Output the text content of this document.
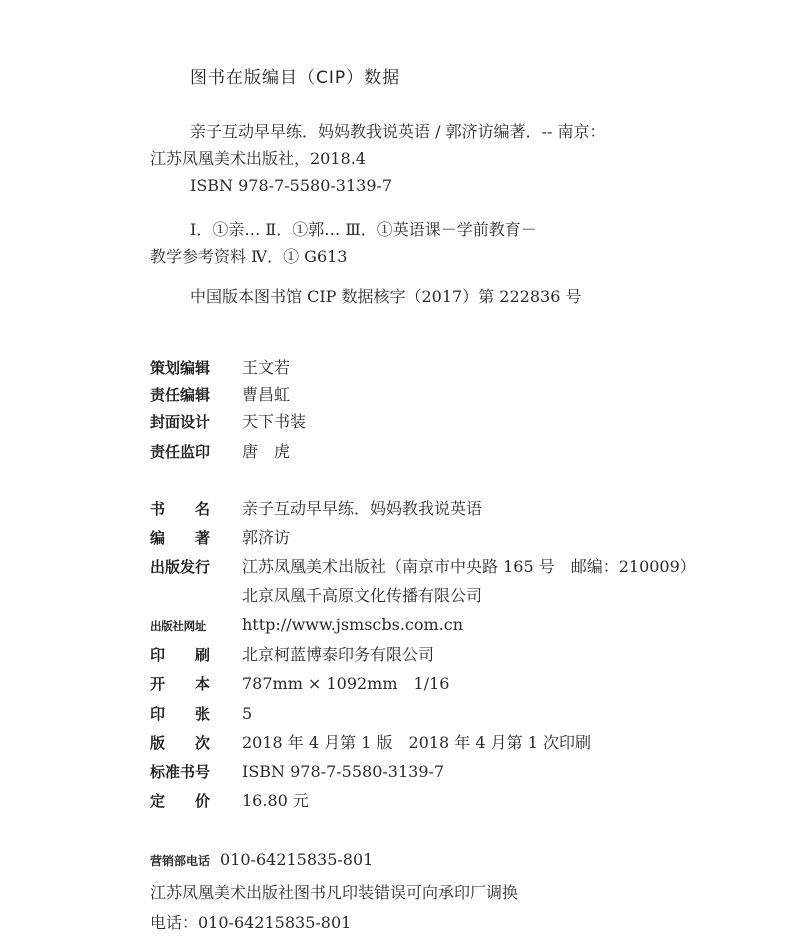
图书在版编目（CIP）数据
亲子互动早早练．妈妈教我说英语 / 郭济访编著．-- 南京：
江苏凤凰美术出版社，2018.4
ISBN 978-7-5580-3139-7
Ⅰ．①亲… Ⅱ．①郭… Ⅲ．①英语课－学前教育－
教学参考资料 Ⅳ．① G613
中国版本图书馆 CIP 数据核字（2017）第 222836 号
策划编辑 王文若
责任编辑 曹昌虹
封面设计 天下书装
责任监印 唐　虎
书名 亲子互动早早练．妈妈教我说英语
编著 郭济访
出版发行 江苏凤凰美术出版社（南京市中央路 165 号　邮编：210009）
北京凤凰千高原文化传播有限公司
出版社网址 http://www.jsmscbs.com.cn
印刷 北京柯蓝博泰印务有限公司
开本 787mm × 1092mm　1/16
印张 5
版次 2018 年 4 月第 1 版　2018 年 4 月第 1 次印刷
标准书号 ISBN 978-7-5580-3139-7
定价 16.80 元
营销部电话 010-64215835-801
江苏凤凰美术出版社图书凡印装错误可向承印厂调换
电话：010-64215835-801
